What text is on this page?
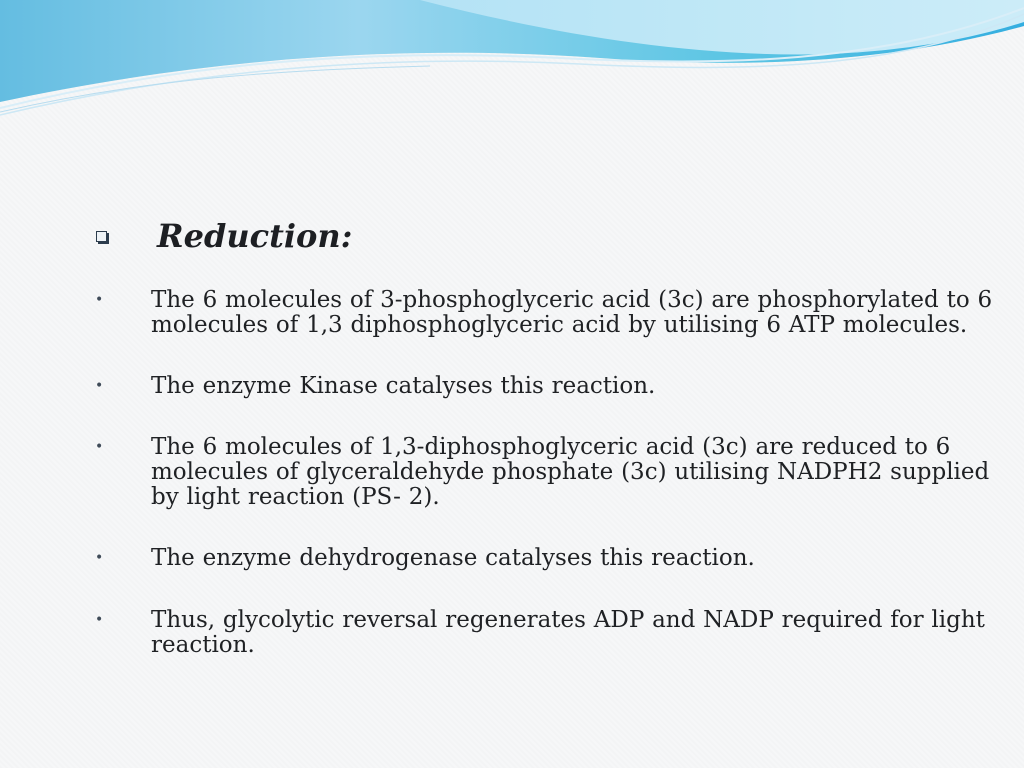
Reduction:
• The 6 molecules of 3-phosphoglyceric acid (3c) are phosphorylated to 6
molecules of 1,3 diphosphoglyceric acid by utilising 6 ATP molecules.
• The enzyme Kinase catalyses this reaction.
• The 6 molecules of 1,3-diphosphoglyceric acid (3c) are reduced to 6
molecules of glyceraldehyde phosphate (3c) utilising NADPH2 supplied
by light reaction (PS- 2).
• The enzyme dehydrogenase catalyses this reaction.
• Thus, glycolytic reversal regenerates ADP and NADP required for light
reaction.
